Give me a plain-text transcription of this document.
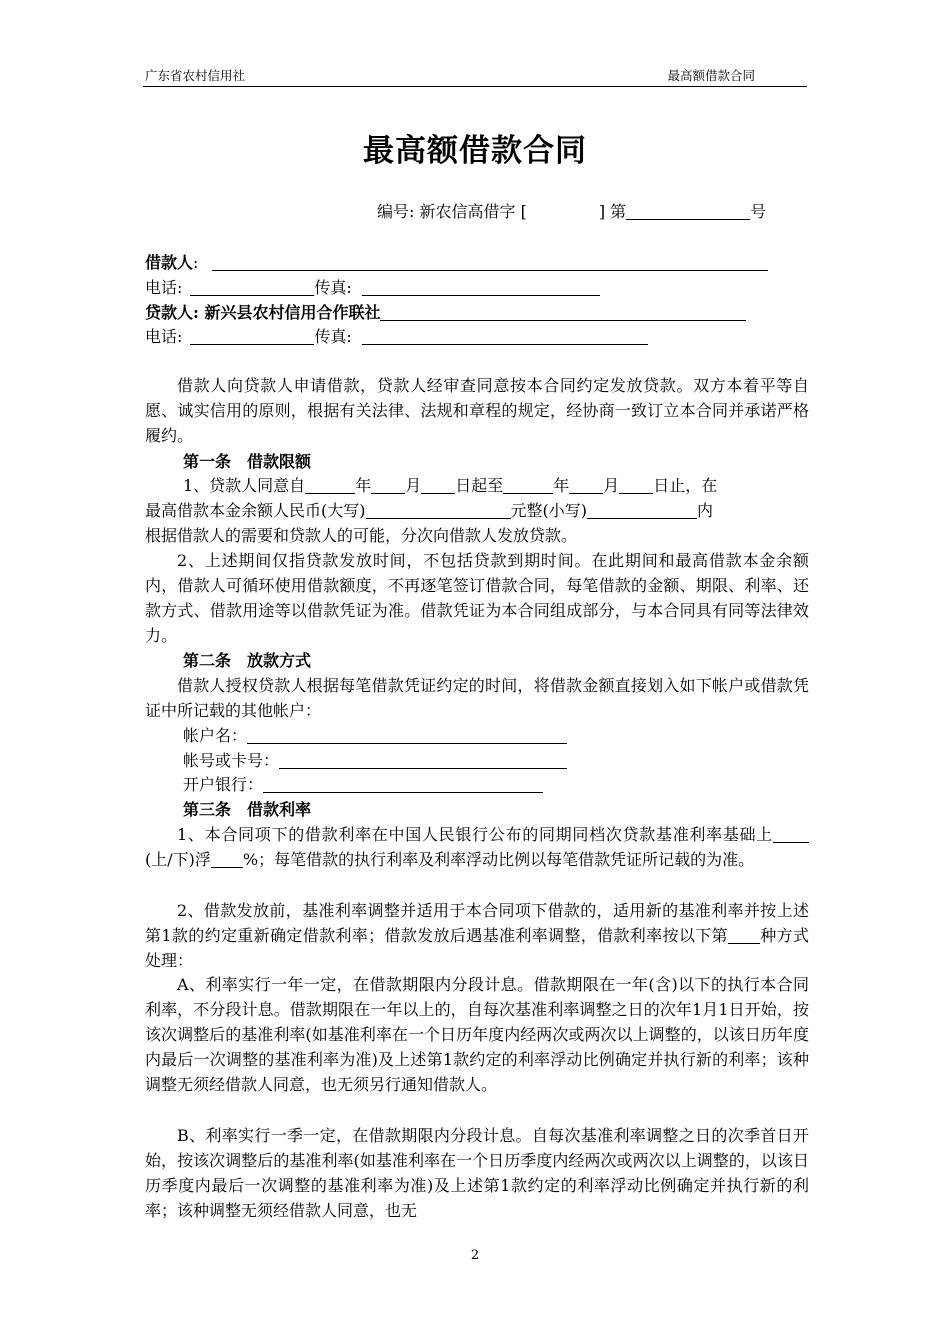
广东省农村信用社	最高额借款合同
最高额借款合同
编号: 新农信高借字 [	] 第	号
借款人:
电话:	传真:
贷款人: 新兴县农村信用合作联社
电话:	传真:

借款人向贷款人申请借款，贷款人经审查同意按本合同约定发放贷款。双方本着平等自愿、诚实信用的原则，根据有关法律、法规和章程的规定，经协商一致订立本合同并承诺严格履约。

第一条　借款限额
1、贷款人同意自	年 月 日起至	年 月 日止，在
最高借款本金余额人民币(大写)	元整(小写)	内
根据借款人的需要和贷款人的可能，分次向借款人发放贷款。

2、上述期间仅指贷款发放时间，不包括贷款到期时间。在此期间和最高借款本金余额内，借款人可循环使用借款额度，不再逐笔签订借款合同，每笔借款的金额、期限、利率、还款方式、借款用途等以借款凭证为准。借款凭证为本合同组成部分，与本合同具有同等法律效力。

第二条　放款方式

借款人授权贷款人根据每笔借款凭证约定的时间，将借款金额直接划入如下帐户或借款凭证中所记载的其他帐户：

帐户名：
帐号或卡号：
开户银行：
第三条　借款利率

1、本合同项下的借款利率在中国人民银行公布的同期同档次贷款基准利率基础上(上/下)浮 %；每笔借款的执行利率及利率浮动比例以每笔借款凭证所记载的为准。

2、借款发放前，基准利率调整并适用于本合同项下借款的，适用新的基准利率并按上述第1款的约定重新确定借款利率；借款发放后遇基准利率调整，借款利率按以下第 种方式处理：

A、利率实行一年一定，在借款期限内分段计息。借款期限在一年(含)以下的执行本合同利率，不分段计息。借款期限在一年以上的，自每次基准利率调整之日的次年1月1日开始，按该次调整后的基准利率(如基准利率在一个日历年度内经两次或两次以上调整的，以该日历年度内最后一次调整的基准利率为准)及上述第1款约定的利率浮动比例确定并执行新的利率；该种调整无须经借款人同意，也无须另行通知借款人。

B、利率实行一季一定，在借款期限内分段计息。自每次基准利率调整之日的次季首日开始，按该次调整后的基准利率(如基准利率在一个日历季度内经两次或两次以上调整的，以该日历季度内最后一次调整的基准利率为准)及上述第1款约定的利率浮动比例确定并执行新的利率；该种调整无须经借款人同意，也无

2
